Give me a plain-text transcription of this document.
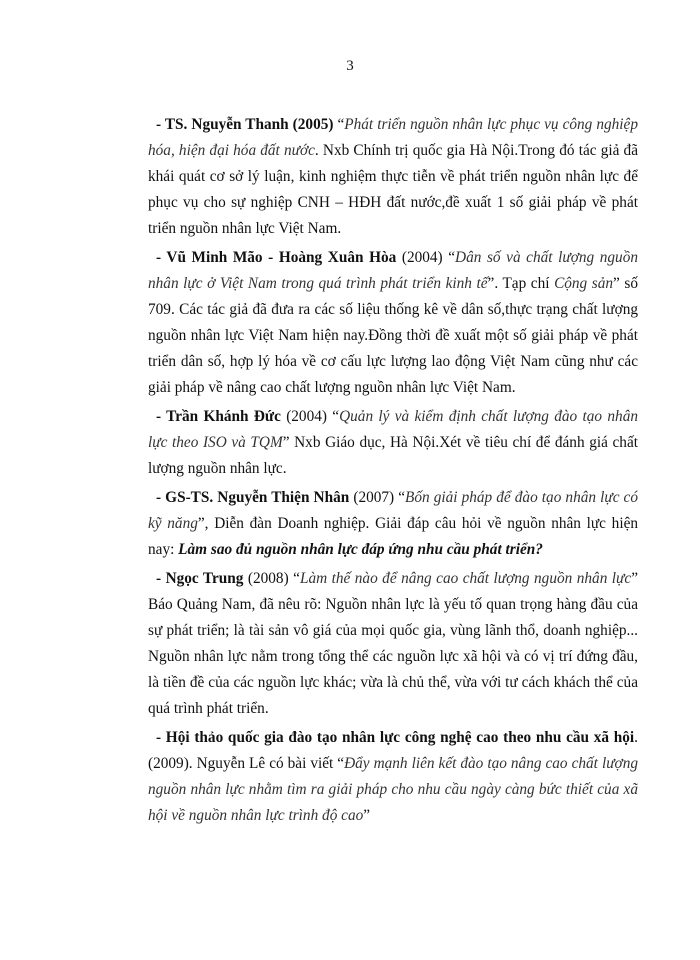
3

- TS. Nguyễn Thanh (2005) “Phát triển nguồn nhân lực phục vụ công nghiệp hóa, hiện đại hóa đất nước. Nxb Chính trị quốc gia Hà Nội.Trong đó tác giả đã khái quát cơ sở lý luận, kinh nghiệm thực tiễn về phát triển nguồn nhân lực để phục vụ cho sự nghiệp CNH – HĐH đất nước,đề xuất 1 số giải pháp về phát triển nguồn nhân lực Việt Nam.

- Vũ Minh Mão - Hoàng Xuân Hòa (2004) “Dân số và chất lượng nguồn nhân lực ở Việt Nam trong quá trình phát triển kinh tế”. Tạp chí Cộng sản” số 709. Các tác giả đã đưa ra các số liệu thống kê về dân số,thực trạng chất lượng nguồn nhân lực Việt Nam hiện nay.Đồng thời đề xuất một số giải pháp về phát triển dân số, hợp lý hóa về cơ cấu lực lượng lao động Việt Nam cũng như các giải pháp về nâng cao chất lượng nguồn nhân lực Việt Nam.

- Trần Khánh Đức (2004) “Quản lý và kiểm định chất lượng đào tạo nhân lực theo ISO và TQM” Nxb Giáo dục, Hà Nội.Xét về tiêu chí để đánh giá chất lượng nguồn nhân lực.

- GS-TS. Nguyễn Thiện Nhân (2007) “Bốn giải pháp để đào tạo nhân lực có kỹ năng”, Diễn đàn Doanh nghiệp. Giải đáp câu hỏi về nguồn nhân lực hiện nay: Làm sao đủ nguồn nhân lực đáp ứng nhu cầu phát triển?

- Ngọc Trung (2008) “Làm thế nào để nâng cao chất lượng nguồn nhân lực” Báo Quảng Nam, đã nêu rõ: Nguồn nhân lực là yếu tố quan trọng hàng đầu của sự phát triển; là tài sản vô giá của mọi quốc gia, vùng lãnh thổ, doanh nghiệp... Nguồn nhân lực nằm trong tổng thể các nguồn lực xã hội và có vị trí đứng đầu, là tiền đề của các nguồn lực khác; vừa là chủ thể, vừa với tư cách khách thể của quá trình phát triển.

- Hội thảo quốc gia đào tạo nhân lực công nghệ cao theo nhu cầu xã hội. (2009). Nguyễn Lê có bài viết “Đẩy mạnh liên kết đào tạo nâng cao chất lượng nguồn nhân lực nhằm tìm ra giải pháp cho nhu cầu ngày càng bức thiết của xã hội về nguồn nhân lực trình độ cao”
